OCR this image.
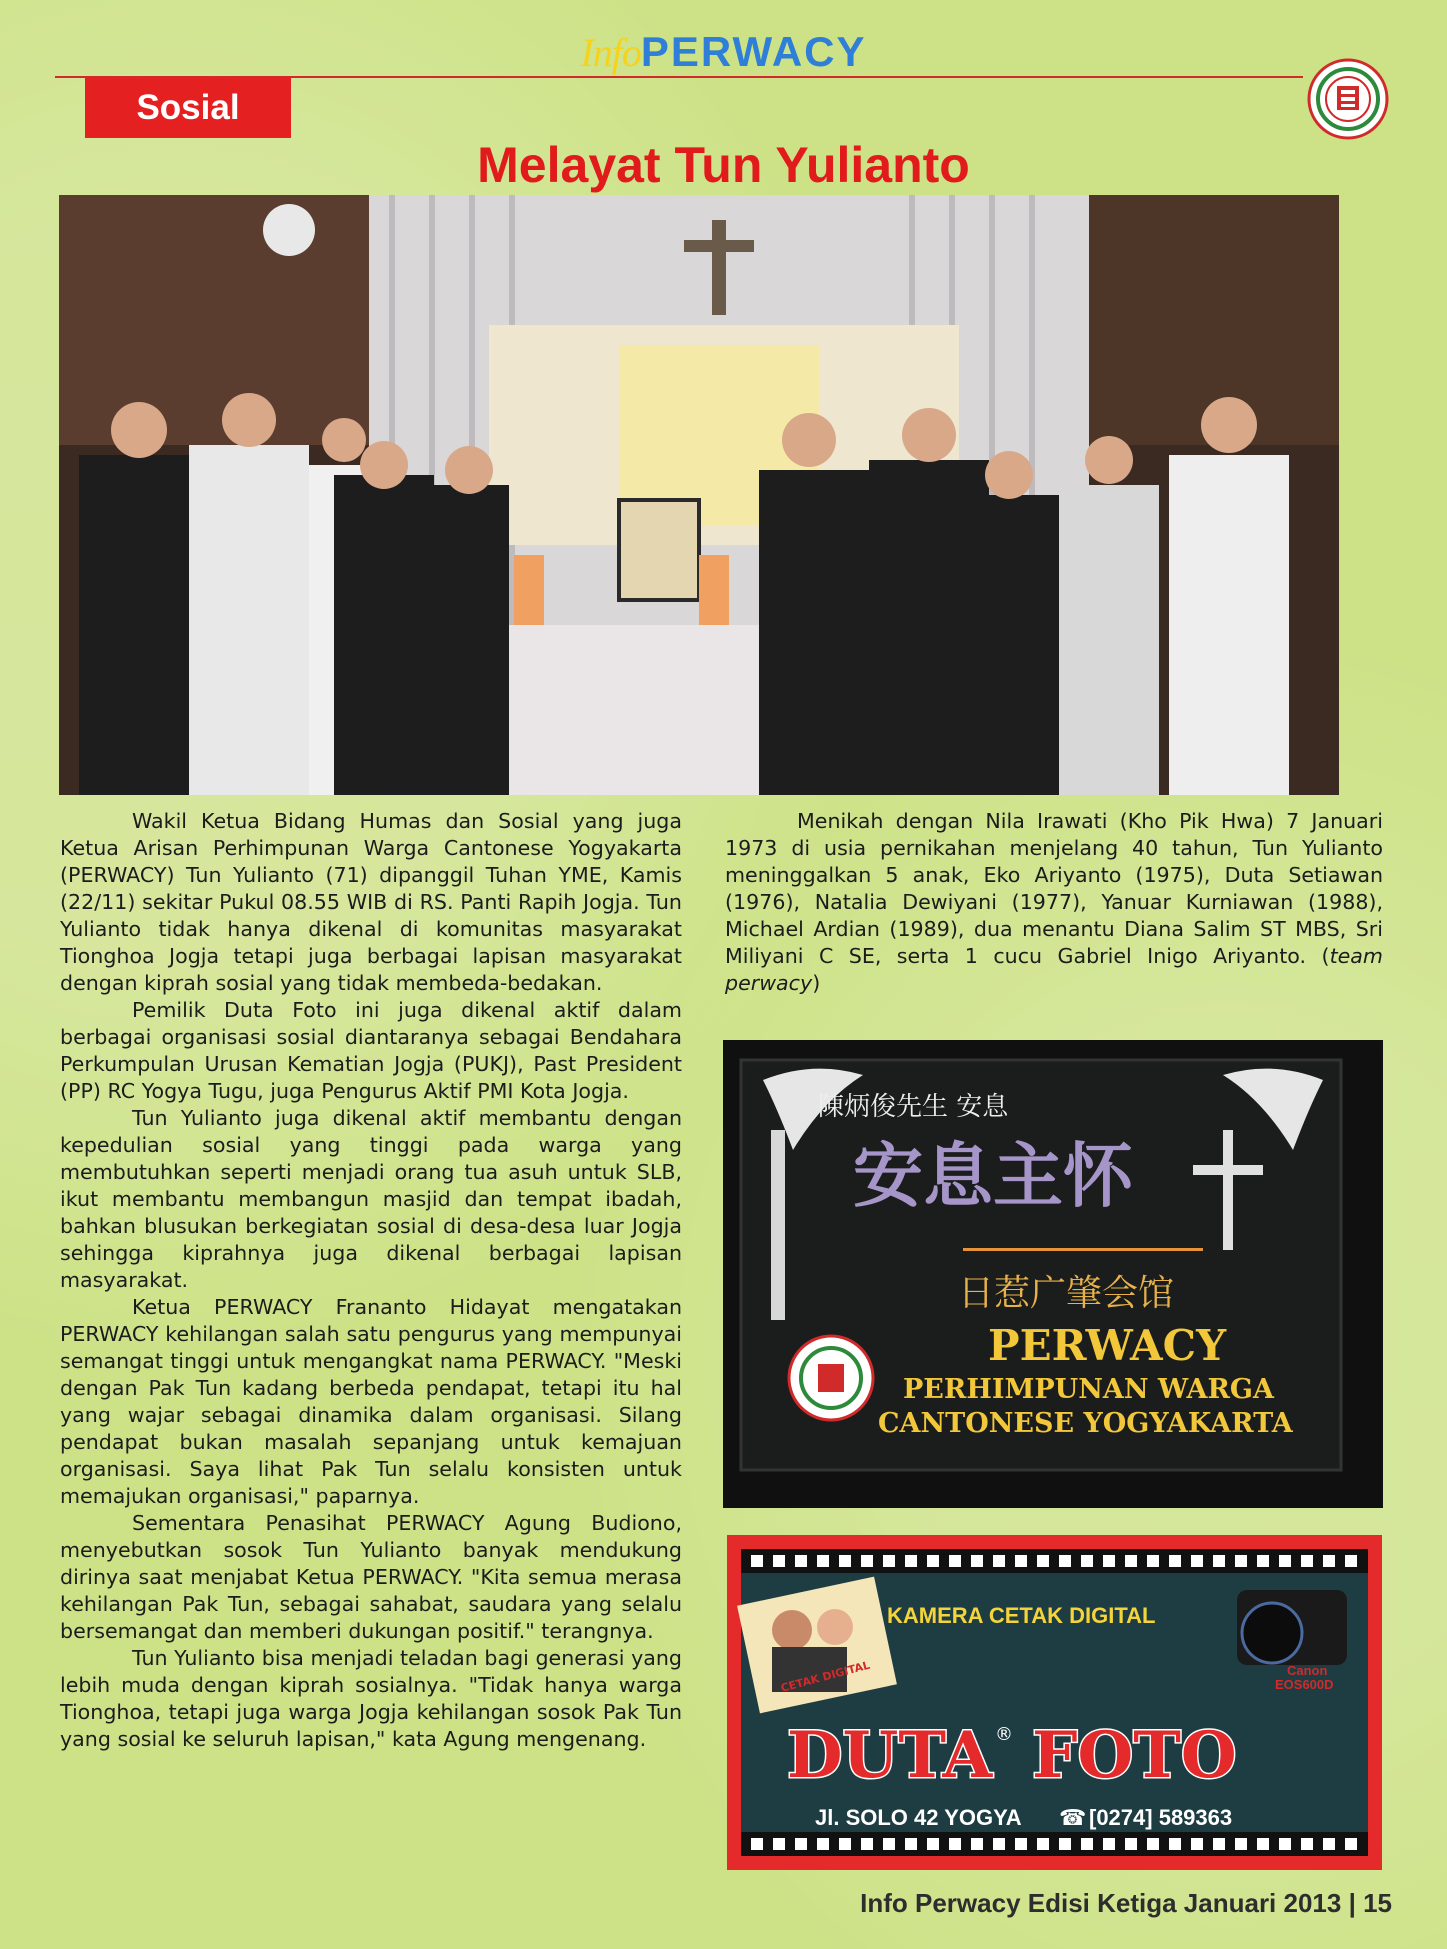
InfoPERWACY
Sosial
Melayat Tun Yulianto

Wakil Ketua Bidang Humas dan Sosial yang juga Ketua Arisan Perhimpunan Warga Cantonese Yogyakarta (PERWACY) Tun Yulianto (71) dipanggil Tuhan YME, Kamis (22/11) sekitar Pukul 08.55 WIB di RS. Panti Rapih Jogja. Tun Yulianto tidak hanya dikenal di komunitas masyarakat Tionghoa Jogja tetapi juga berbagai lapisan masyarakat dengan kiprah sosial yang tidak membeda-bedakan.

Pemilik Duta Foto ini juga dikenal aktif dalam berbagai organisasi sosial diantaranya sebagai Bendahara Perkumpulan Urusan Kematian Jogja (PUKJ), Past President (PP) RC Yogya Tugu, juga Pengurus Aktif PMI Kota Jogja.

Tun Yulianto juga dikenal aktif membantu dengan kepedulian sosial yang tinggi pada warga yang membutuhkan seperti menjadi orang tua asuh untuk SLB, ikut membantu membangun masjid dan tempat ibadah, bahkan blusukan berkegiatan sosial di desa-desa luar Jogja sehingga kiprahnya juga dikenal berbagai lapisan masyarakat.

Ketua PERWACY Frananto Hidayat mengatakan PERWACY kehilangan salah satu pengurus yang mempunyai semangat tinggi untuk mengangkat nama PERWACY. "Meski dengan Pak Tun kadang berbeda pendapat, tetapi itu hal yang wajar sebagai dinamika dalam organisasi. Silang pendapat bukan masalah sepanjang untuk kemajuan organisasi. Saya lihat Pak Tun selalu konsisten untuk memajukan organisasi," paparnya.

Sementara Penasihat PERWACY Agung Budiono, menyebutkan sosok Tun Yulianto banyak mendukung dirinya saat menjabat Ketua PERWACY. "Kita semua merasa kehilangan Pak Tun, sebagai sahabat, saudara yang selalu bersemangat dan memberi dukungan positif." terangnya.

Tun Yulianto bisa menjadi teladan bagi generasi yang lebih muda dengan kiprah sosialnya. "Tidak hanya warga Tionghoa, tetapi juga warga Jogja kehilangan sosok Pak Tun yang sosial ke seluruh lapisan," kata Agung mengenang.

Menikah dengan Nila Irawati (Kho Pik Hwa) 7 Januari 1973 di usia pernikahan menjelang 40 tahun, Tun Yulianto meninggalkan 5 anak, Eko Ariyanto (1975), Duta Setiawan (1976), Natalia Dewiyani (1977), Yanuar Kurniawan (1988), Michael Ardian (1989), dua menantu Diana Salim ST MBS, Sri Miliyani C SE, serta 1 cucu Gabriel Inigo Ariyanto. (team perwacy)

陳炳俊先生 安息
安息主怀
日惹广肇会馆
PERWACY
PERHIMPUNAN WARGA
CANTONESE YOGYAKARTA
CETAK DIGITAL
KAMERA CETAK DIGITAL
Canon
EOS600D
DUTA ® FOTO
Jl. SOLO 42 YOGYA ☎ [0274] 589363
Info Perwacy Edisi Ketiga Januari 2013 | 15
